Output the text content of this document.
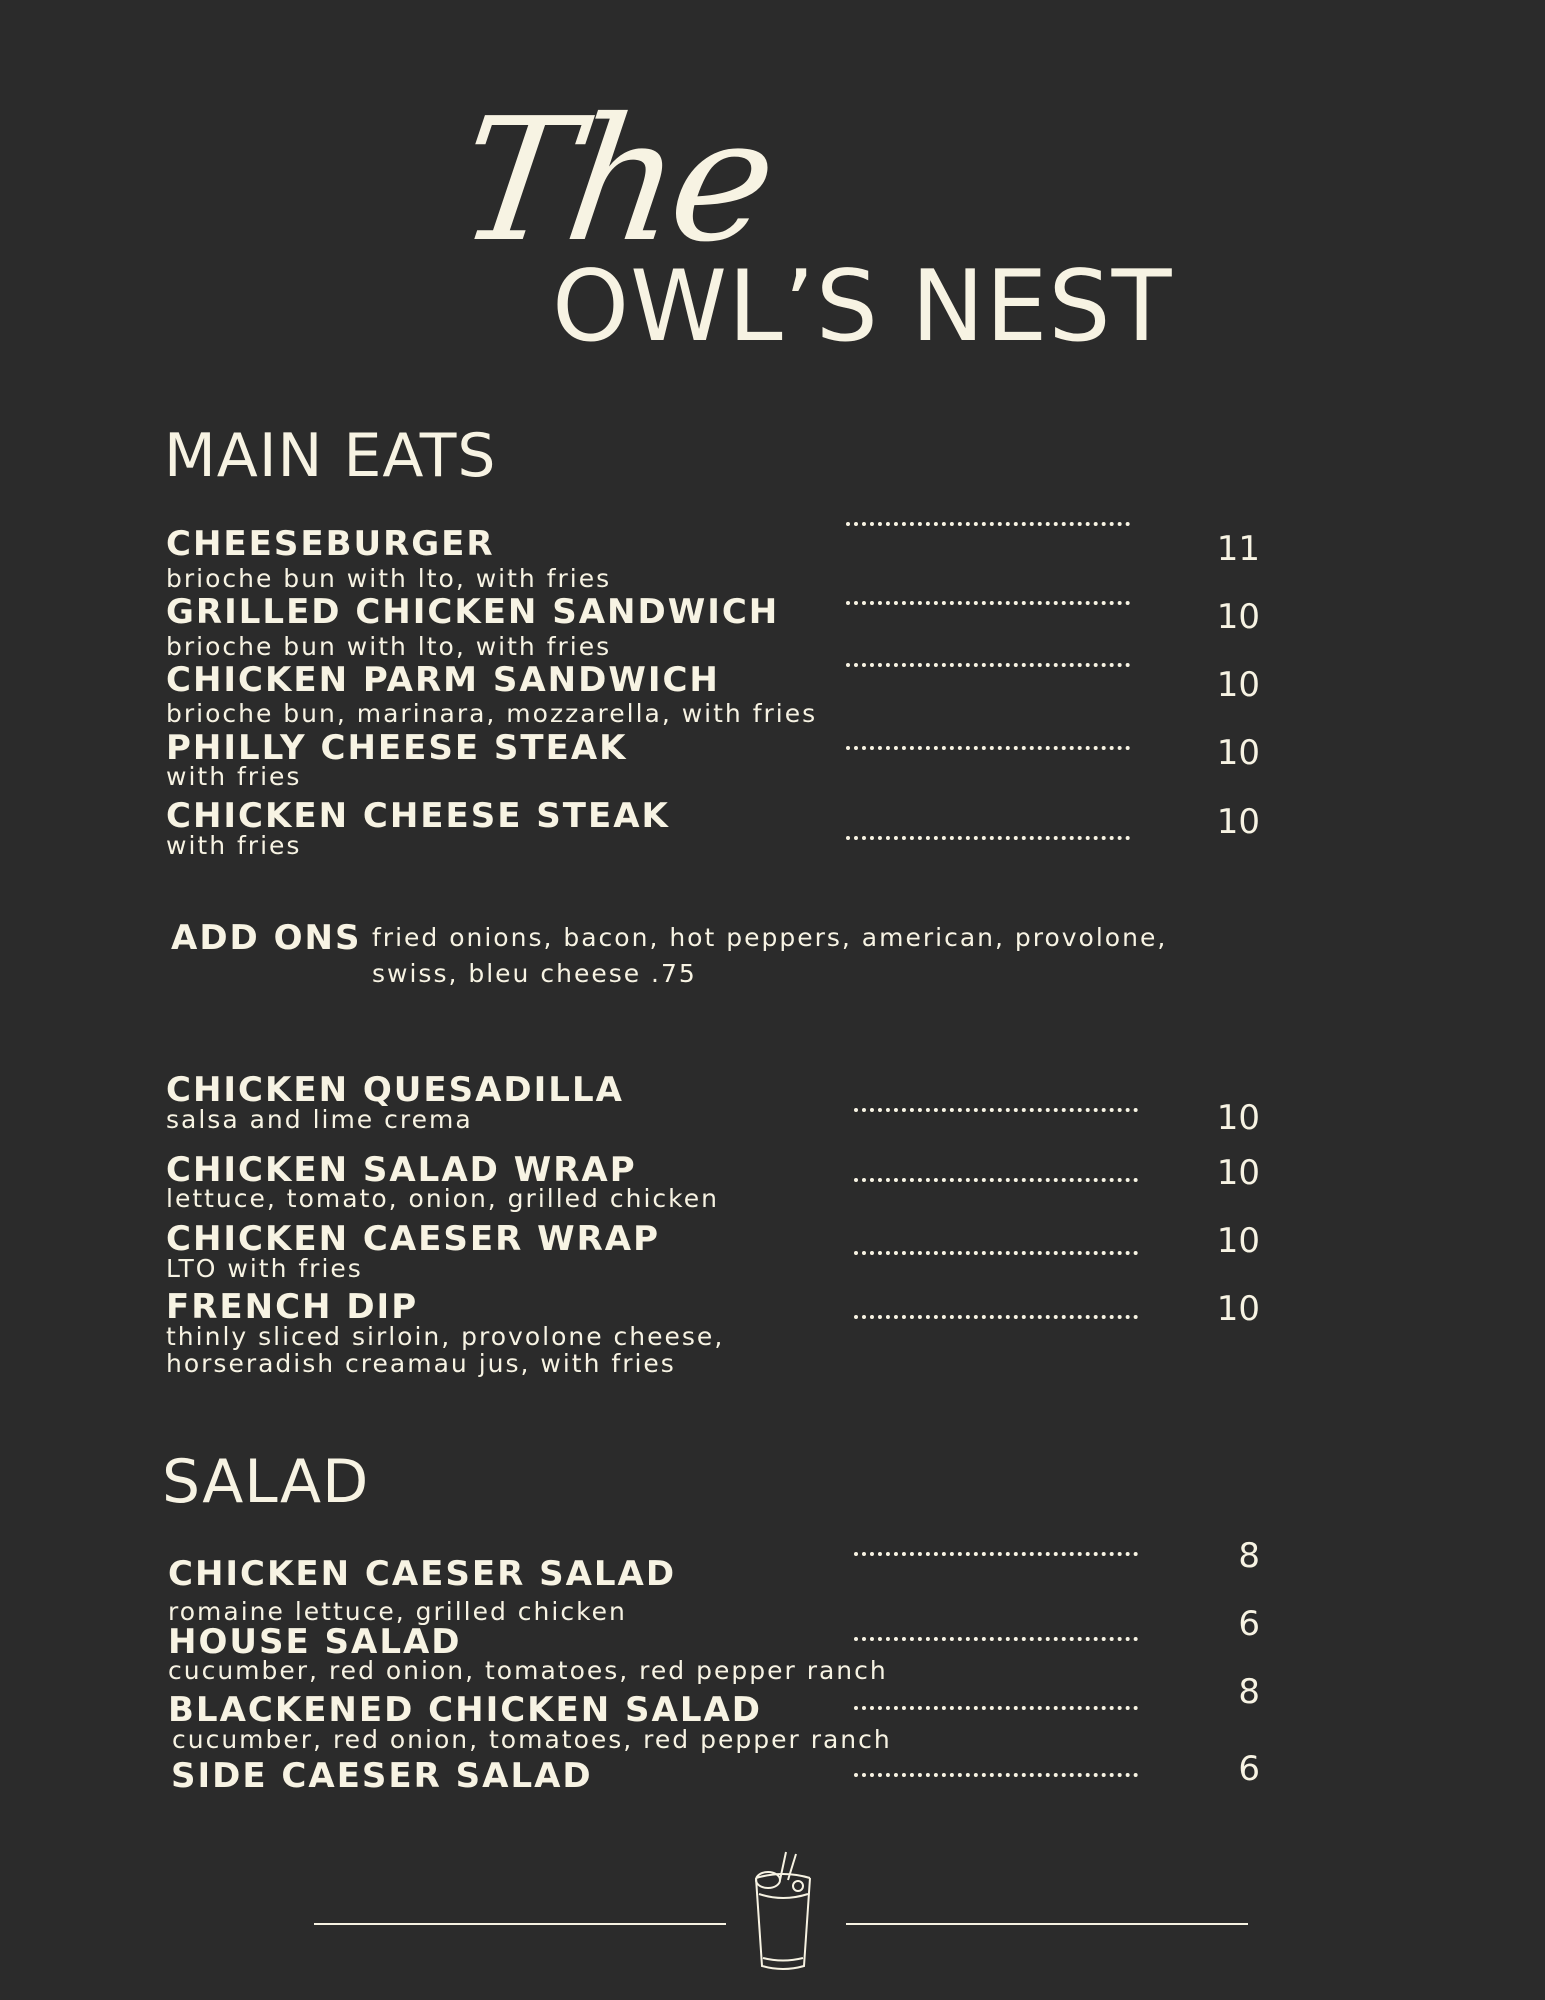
The
OWL’S NEST
MAIN EATS
CHEESEBURGER
brioche bun with lto, with fries
11
GRILLED CHICKEN SANDWICH
brioche bun with lto, with fries
10
CHICKEN PARM SANDWICH
brioche bun, marinara, mozzarella, with fries
10
PHILLY CHEESE STEAK
with fries
10
CHICKEN CHEESE STEAK
with fries
10
ADD ONS fried onions, bacon, hot peppers, american, provolone, swiss, bleu cheese .75
CHICKEN QUESADILLA
salsa and lime crema	10
CHICKEN SALAD WRAP
lettuce, tomato, onion, grilled chicken
10
CHICKEN CAESER WRAP
LTO with fries
10
FRENCH DIP
thinly sliced sirloin, provolone cheese,
horseradish creamau jus, with fries
10
SALAD
CHICKEN CAESER SALAD
romaine lettuce, grilled chicken
8
HOUSE SALAD
cucumber, red onion, tomatoes, red pepper ranch
6
BLACKENED CHICKEN SALAD
cucumber, red onion, tomatoes, red pepper ranch
8
SIDE CAESER SALAD	6
